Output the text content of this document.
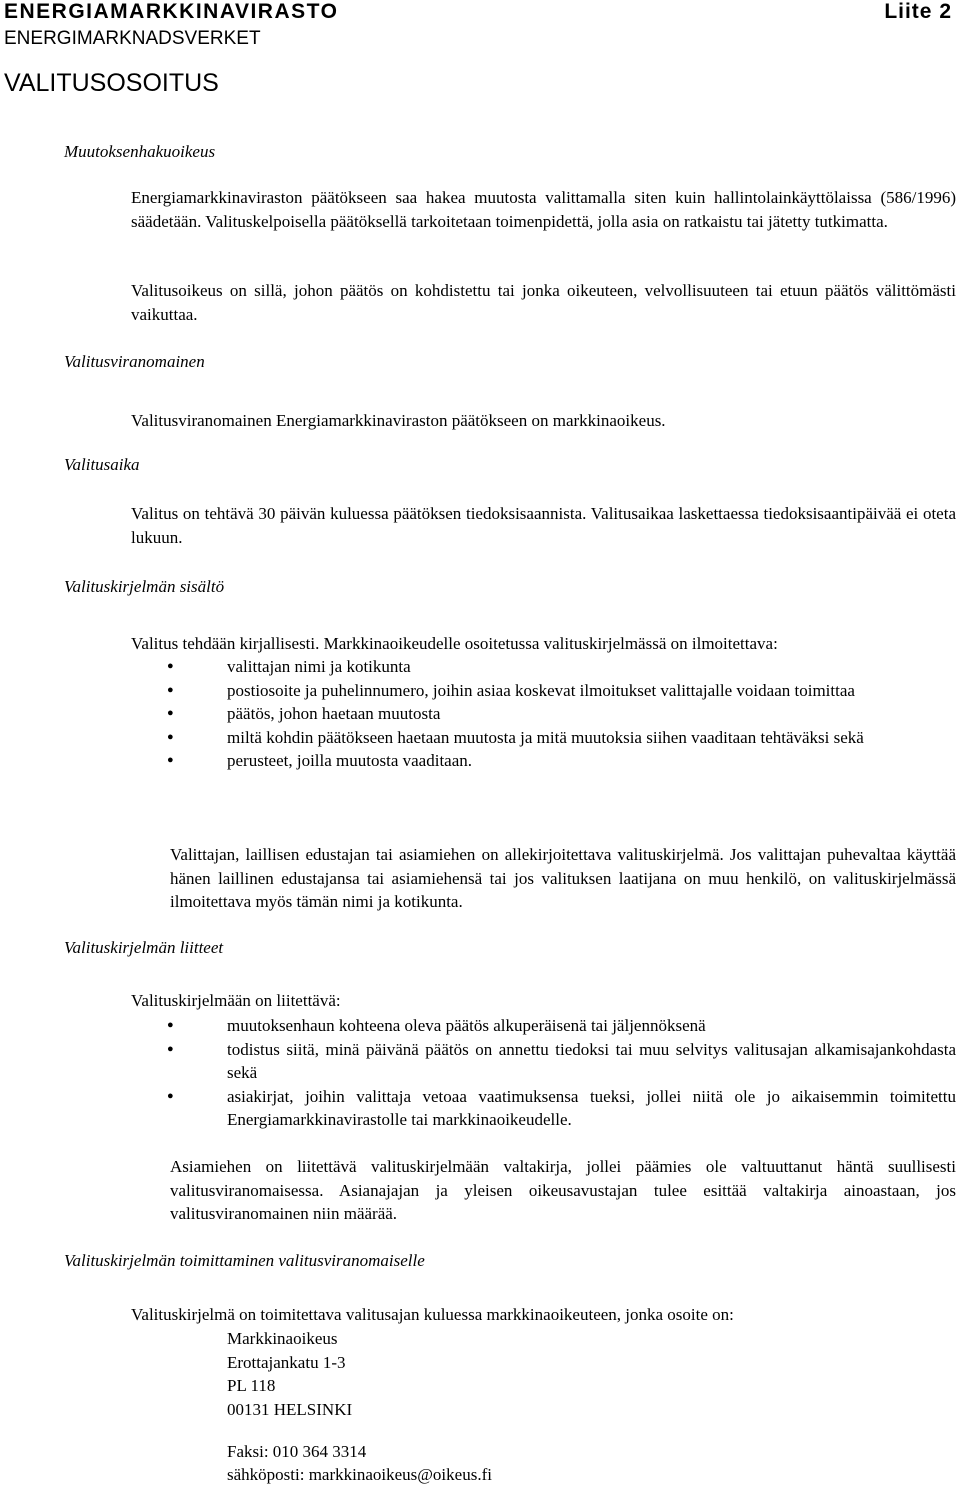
ENERGIAMARKKINAVIRASTO
ENERGIMARKNADSVERKET
Liite 2
VALITUSOSOITUS
Muutoksenhakuoikeus
Energiamarkkinaviraston päätökseen saa hakea muutosta valittamalla siten kuin hallintolainkäyttölaissa (586/1996) säädetään. Valituskelpoisella päätöksellä tarkoitetaan toimenpidettä, jolla asia on ratkaistu tai jätetty tutkimatta.
Valitusoikeus on sillä, johon päätös on kohdistettu tai jonka oikeuteen, velvollisuuteen tai etuun päätös välittömästi vaikuttaa.
Valitusviranomainen
Valitusviranomainen Energiamarkkinaviraston päätökseen on markkinaoikeus.
Valitusaika
Valitus on tehtävä 30 päivän kuluessa päätöksen tiedoksisaannista. Valitusaikaa laskettaessa tiedoksisaantipäivää ei oteta lukuun.
Valituskirjelmän sisältö
Valitus tehdään kirjallisesti. Markkinaoikeudelle osoitetussa valituskirjelmässä on ilmoitettava:
● valittajan nimi ja kotikunta
● postiosoite ja puhelinnumero, joihin asiaa koskevat ilmoitukset valittajalle voidaan toimittaa
● päätös, johon haetaan muutosta
● miltä kohdin päätökseen haetaan muutosta ja mitä muutoksia siihen vaaditaan tehtäväksi sekä
● perusteet, joilla muutosta vaaditaan.
Valittajan, laillisen edustajan tai asiamiehen on allekirjoitettava valituskirjelmä. Jos valittajan puhevaltaa käyttää hänen laillinen edustajansa tai asiamiehensä tai jos valituksen laatijana on muu henkilö, on valituskirjelmässä ilmoitettava myös tämän nimi ja kotikunta.
Valituskirjelmän liitteet
Valituskirjelmään on liitettävä:
● muutoksenhaun kohteena oleva päätös alkuperäisenä tai jäljennöksenä
● todistus siitä, minä päivänä päätös on annettu tiedoksi tai muu selvitys valitusajan alkamisajankohdasta sekä
● asiakirjat, joihin valittaja vetoaa vaatimuksensa tueksi, jollei niitä ole jo aikaisemmin toimitettu Energiamarkkinavirastolle tai markkinaoikeudelle.
Asiamiehen on liitettävä valituskirjelmään valtakirja, jollei päämies ole valtuuttanut häntä suullisesti valitusviranomaisessa. Asianajajan ja yleisen oikeusavustajan tulee esittää valtakirja ainoastaan, jos valitusviranomainen niin määrää.
Valituskirjelmän toimittaminen valitusviranomaiselle
Valituskirjelmä on toimitettava valitusajan kuluessa markkinaoikeuteen, jonka osoite on:
Markkinaoikeus
Erottajankatu 1-3
PL 118
00131 HELSINKI
Faksi: 010 364 3314
sähköposti: markkinaoikeus@oikeus.fi
